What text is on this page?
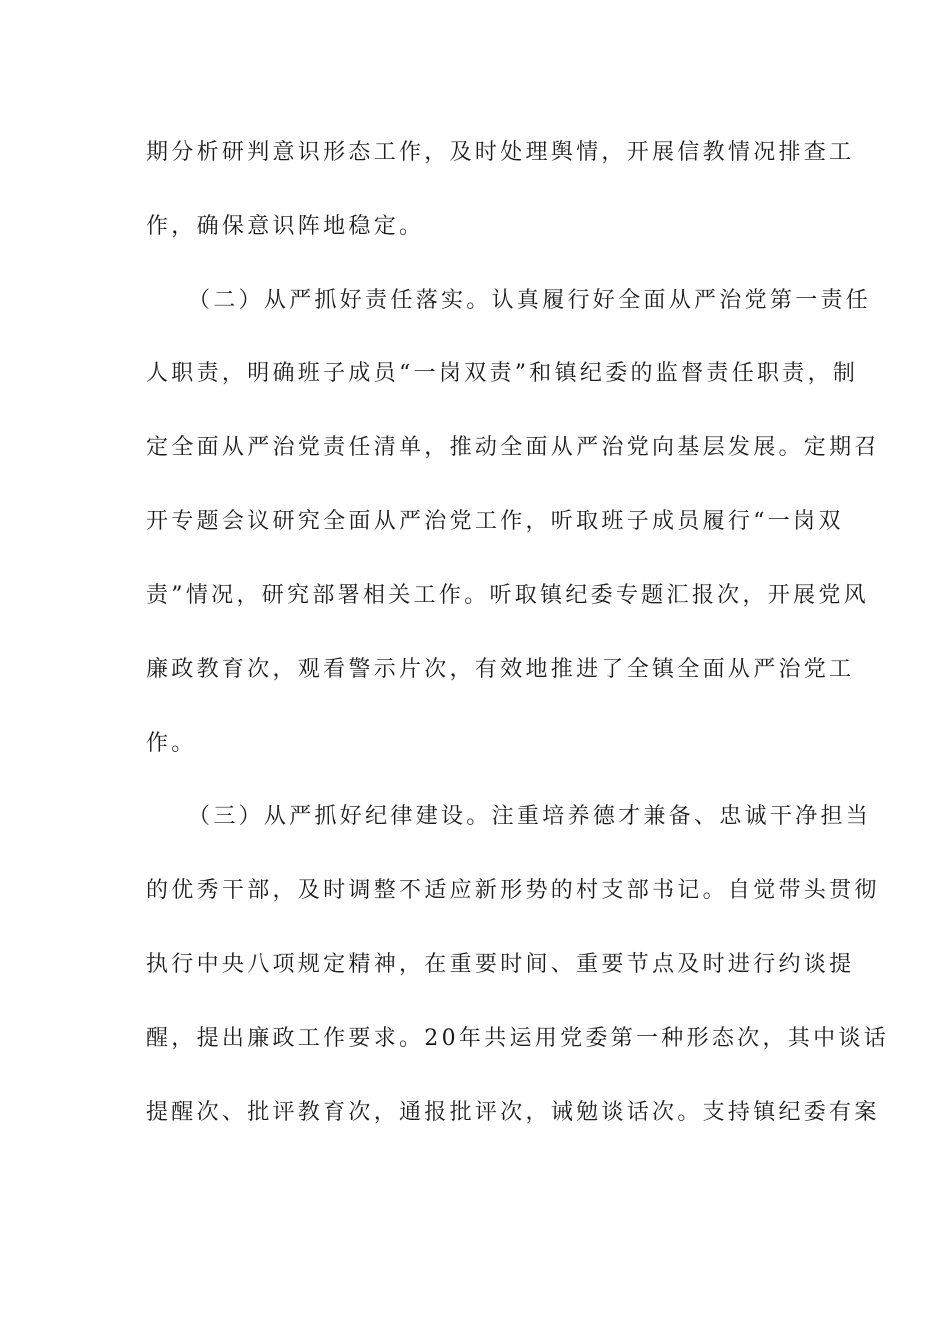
期分析研判意识形态工作，及时处理舆情，开展信教情况排查工
作，确保意识阵地稳定。
（二）从严抓好责任落实。认真履行好全面从严治党第一责任
人职责，明确班子成员“一岗双责”和镇纪委的监督责任职责，制
定全面从严治党责任清单，推动全面从严治党向基层发展。定期召
开专题会议研究全面从严治党工作，听取班子成员履行“一岗双
责”情况，研究部署相关工作。听取镇纪委专题汇报次，开展党风
廉政教育次，观看警示片次，有效地推进了全镇全面从严治党工
作。
（三）从严抓好纪律建设。注重培养德才兼备、忠诚干净担当
的优秀干部，及时调整不适应新形势的村支部书记。自觉带头贯彻
执行中央八项规定精神，在重要时间、重要节点及时进行约谈提
醒，提出廉政工作要求。20年共运用党委第一种形态次，其中谈话
提醒次、批评教育次，通报批评次，诫勉谈话次。支持镇纪委有案
